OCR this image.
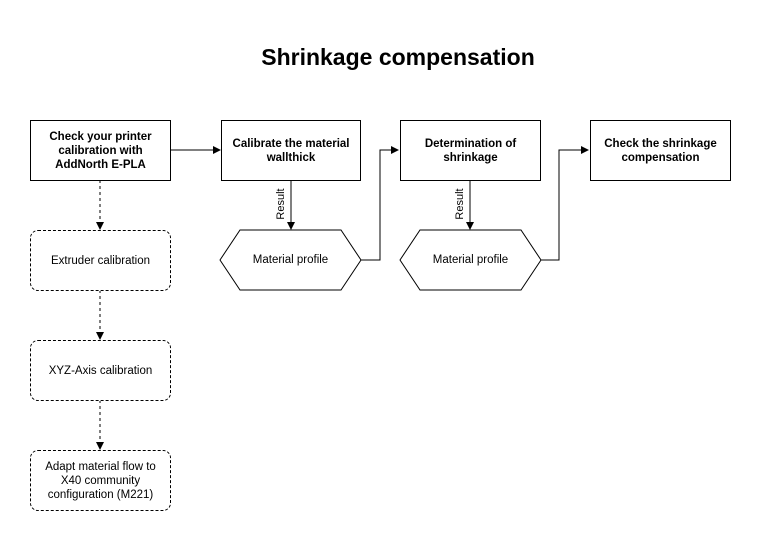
Shrinkage compensation
Check your printer calibration with AddNorth E-PLA
Calibrate the material wallthick
Determination of shrinkage
Check the shrinkage compensation
Material profile	Material profile
Extruder calibration
XYZ-Axis calibration
Adapt material flow to X40 community configuration (M221)
Result	Result
